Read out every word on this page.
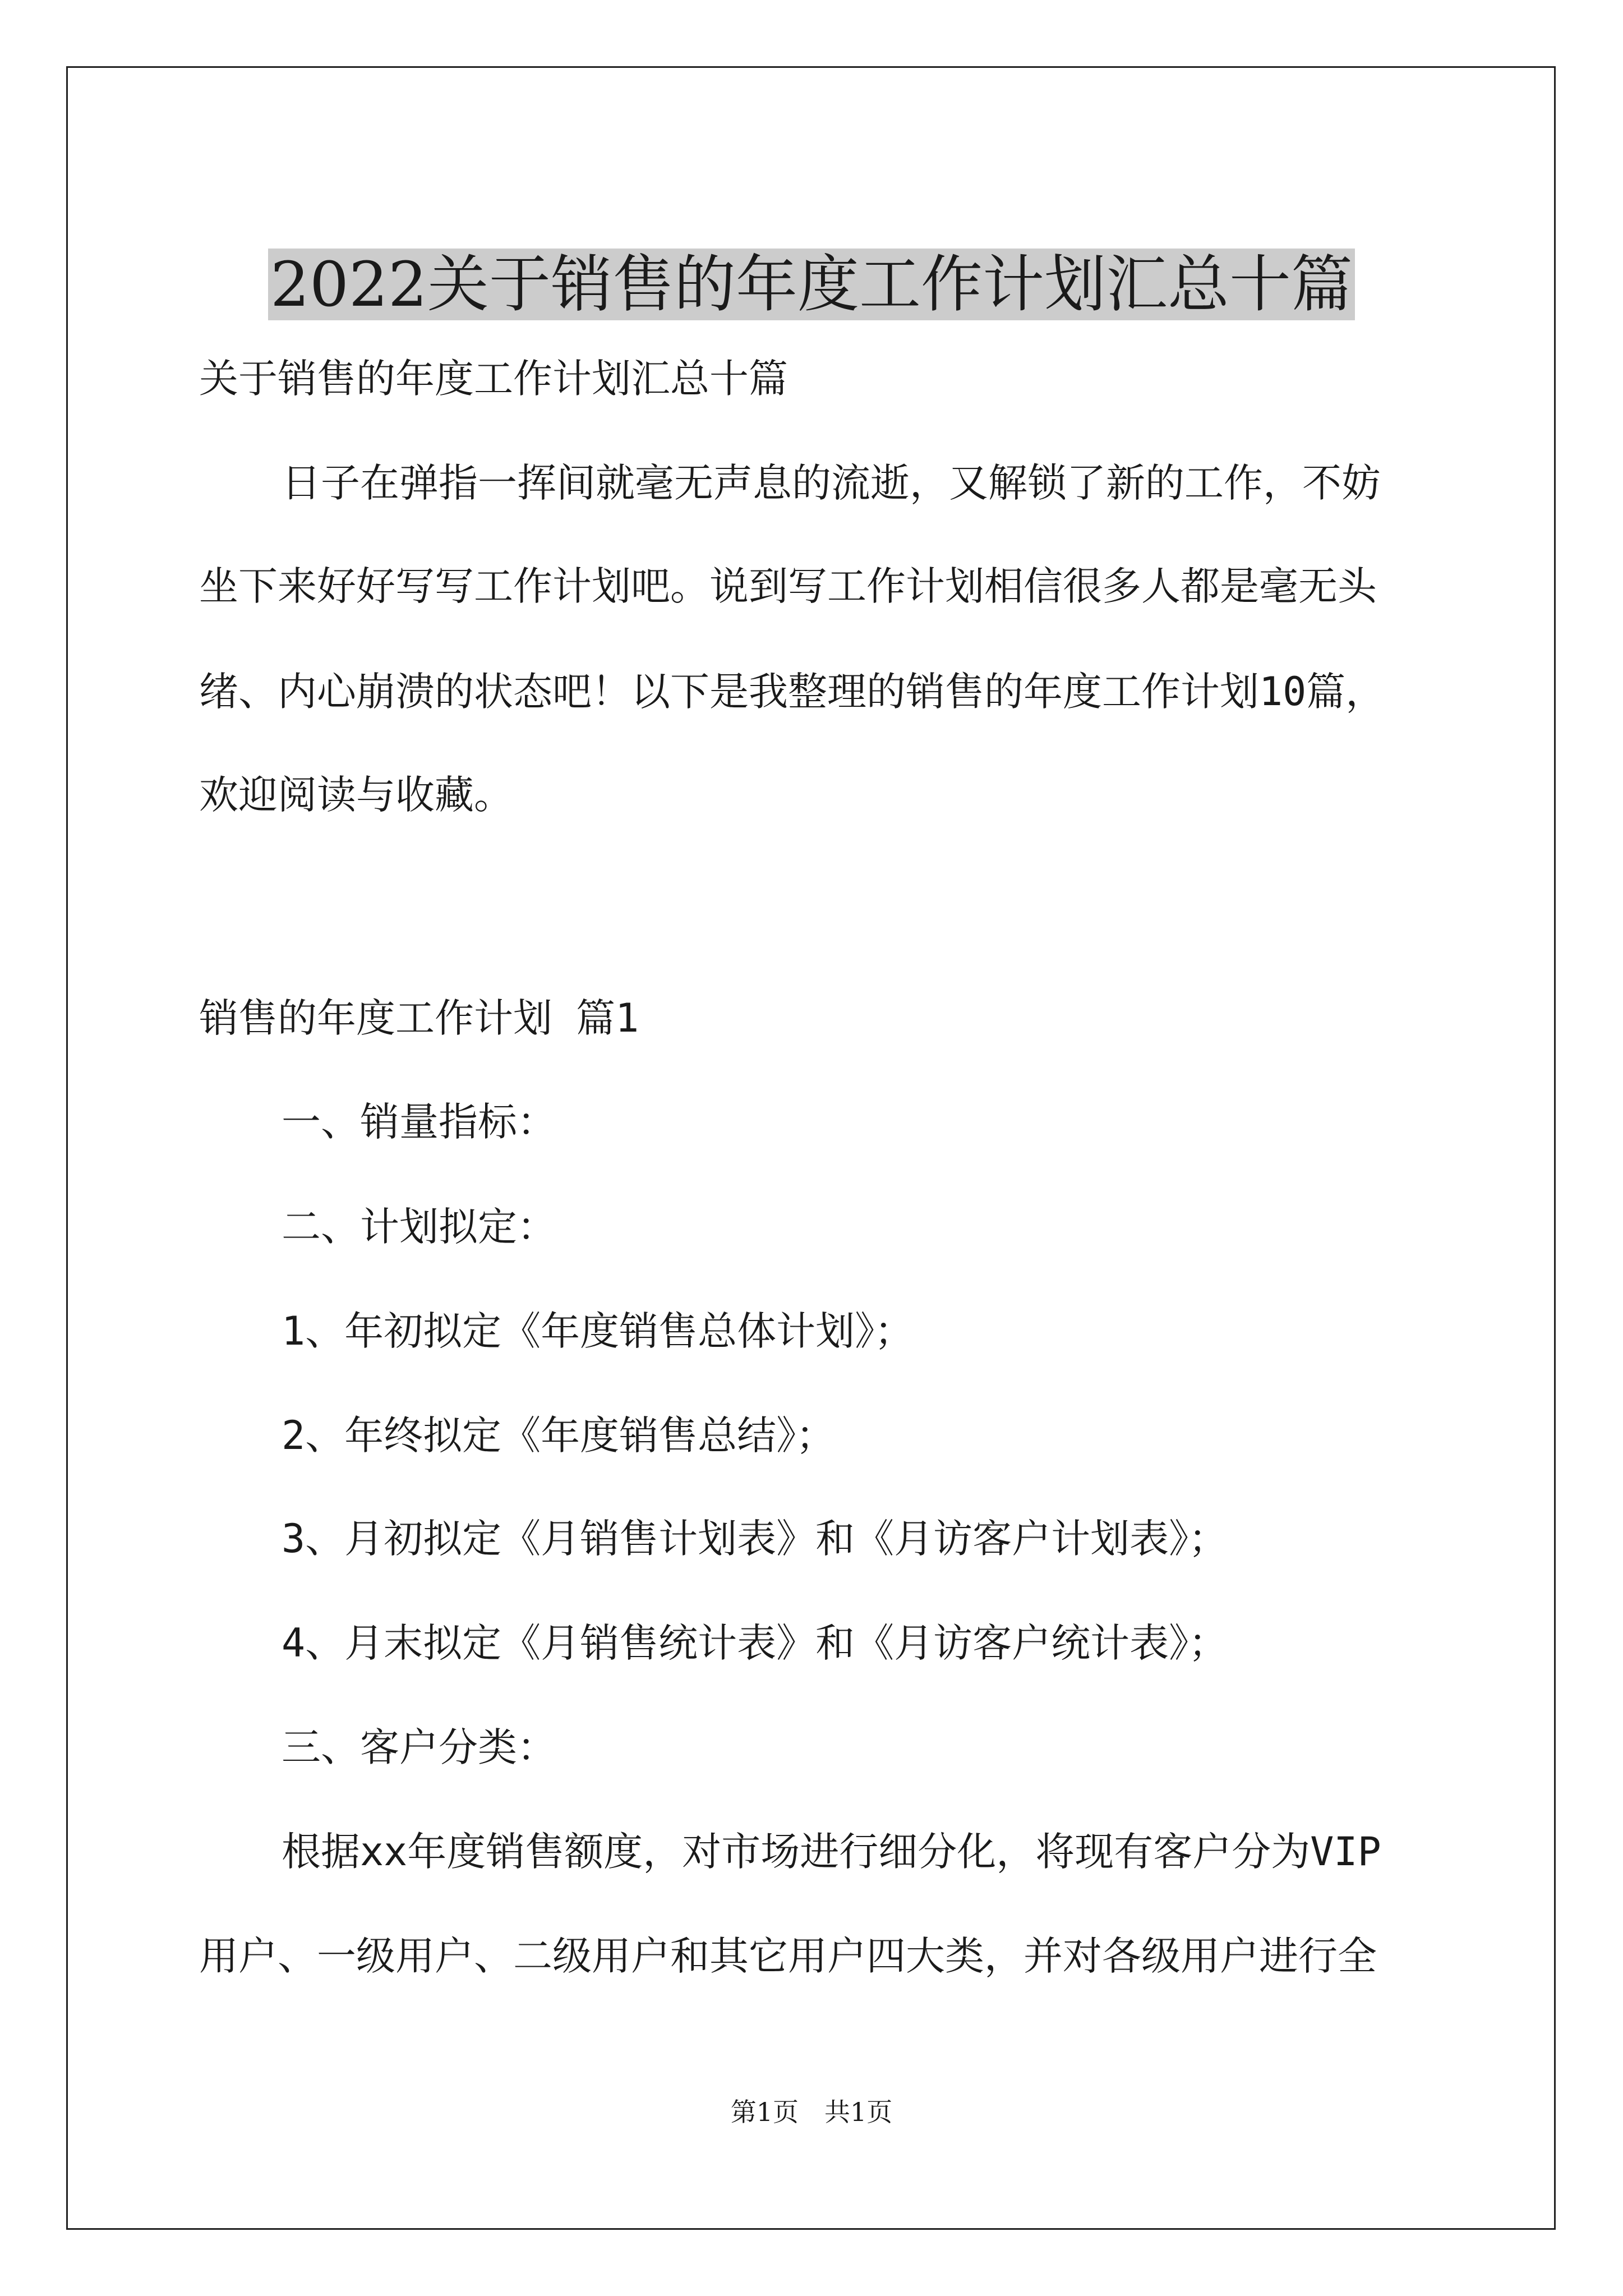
2022关于销售的年度工作计划汇总十篇
关于销售的年度工作计划汇总十篇
日子在弹指一挥间就毫无声息的流逝，又解锁了新的工作，不妨
坐下来好好写写工作计划吧。说到写工作计划相信很多人都是毫无头
绪、内心崩溃的状态吧！以下是我整理的销售的年度工作计划10篇，
欢迎阅读与收藏。
销售的年度工作计划 篇1
一、销量指标：
二、计划拟定：
1、年初拟定《年度销售总体计划》；
2、年终拟定《年度销售总结》；
3、月初拟定《月销售计划表》和《月访客户计划表》；
4、月末拟定《月销售统计表》和《月访客户统计表》；
三、客户分类：
根据xx年度销售额度，对市场进行细分化，将现有客户分为VIP
用户、一级用户、二级用户和其它用户四大类，并对各级用户进行全
第1页　共1页
